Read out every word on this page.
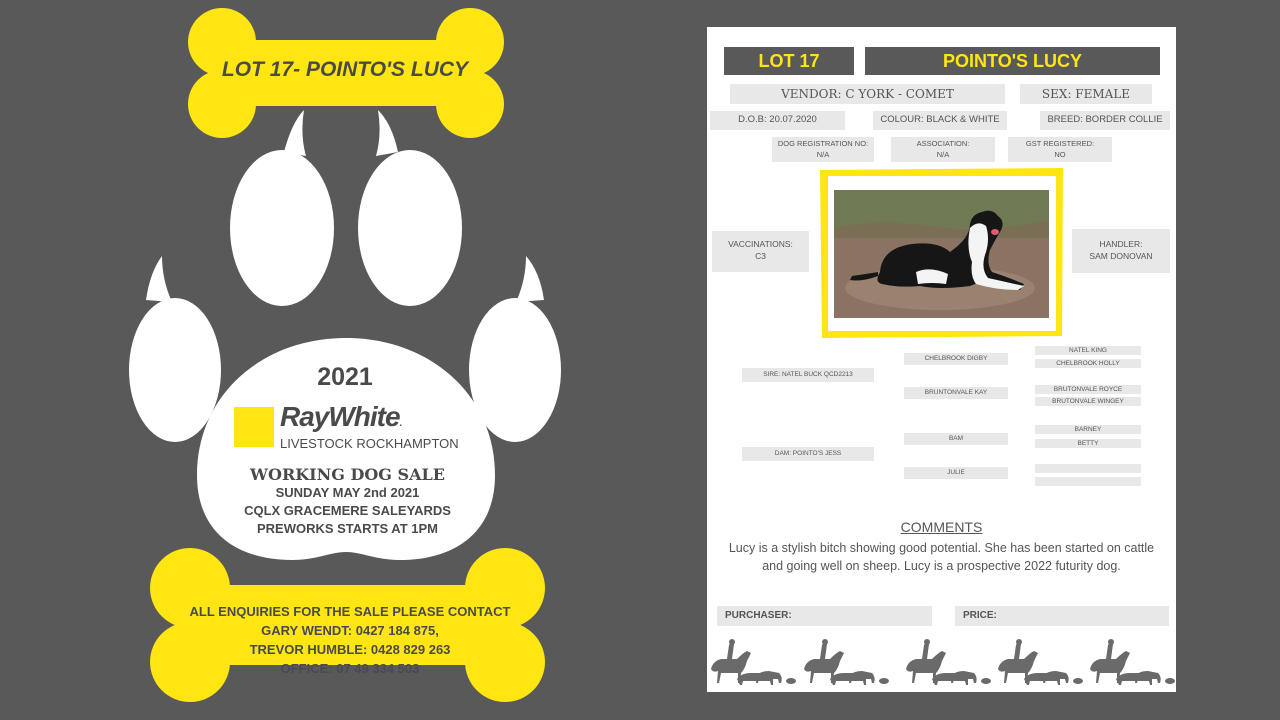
LOT 17- POINTO'S LUCY
2021
RayWhite.
LIVESTOCK ROCKHAMPTON
WORKING DOG SALE
SUNDAY MAY 2nd 2021
CQLX GRACEMERE SALEYARDS
PREWORKS STARTS AT 1PM
ALL ENQUIRIES FOR THE SALE PLEASE CONTACT
GARY WENDT: 0427 184 875,
TREVOR HUMBLE: 0428 829 263
OFFICE: 07 49 334 503
LOT 17	POINTO'S LUCY
VENDOR: C YORK - COMET	SEX: FEMALE
D.O.B: 20.07.2020	COLOUR: BLACK & WHITE	BREED: BORDER COLLIE
DOG REGISTRATION NO:
N/A
ASSOCIATION:
N/A
GST REGISTERED:
NO
VACCINATIONS:
C3
HANDLER:
SAM DONOVAN
SIRE: NATEL BUCK QCD2213
DAM: POINTO'S JESS
CHELBROOK DIGBY
BRUNTONVALE KAY
BAM
JULIE
NATEL KING
CHELBROOK HOLLY
BRUTONVALE ROYCE
BRUTONVALE WINGEY
BARNEY
BETTY
COMMENTS
Lucy is a stylish bitch showing good potential. She has been started on cattle and going well on sheep. Lucy is a prospective 2022 futurity dog.
PURCHASER:	PRICE:
